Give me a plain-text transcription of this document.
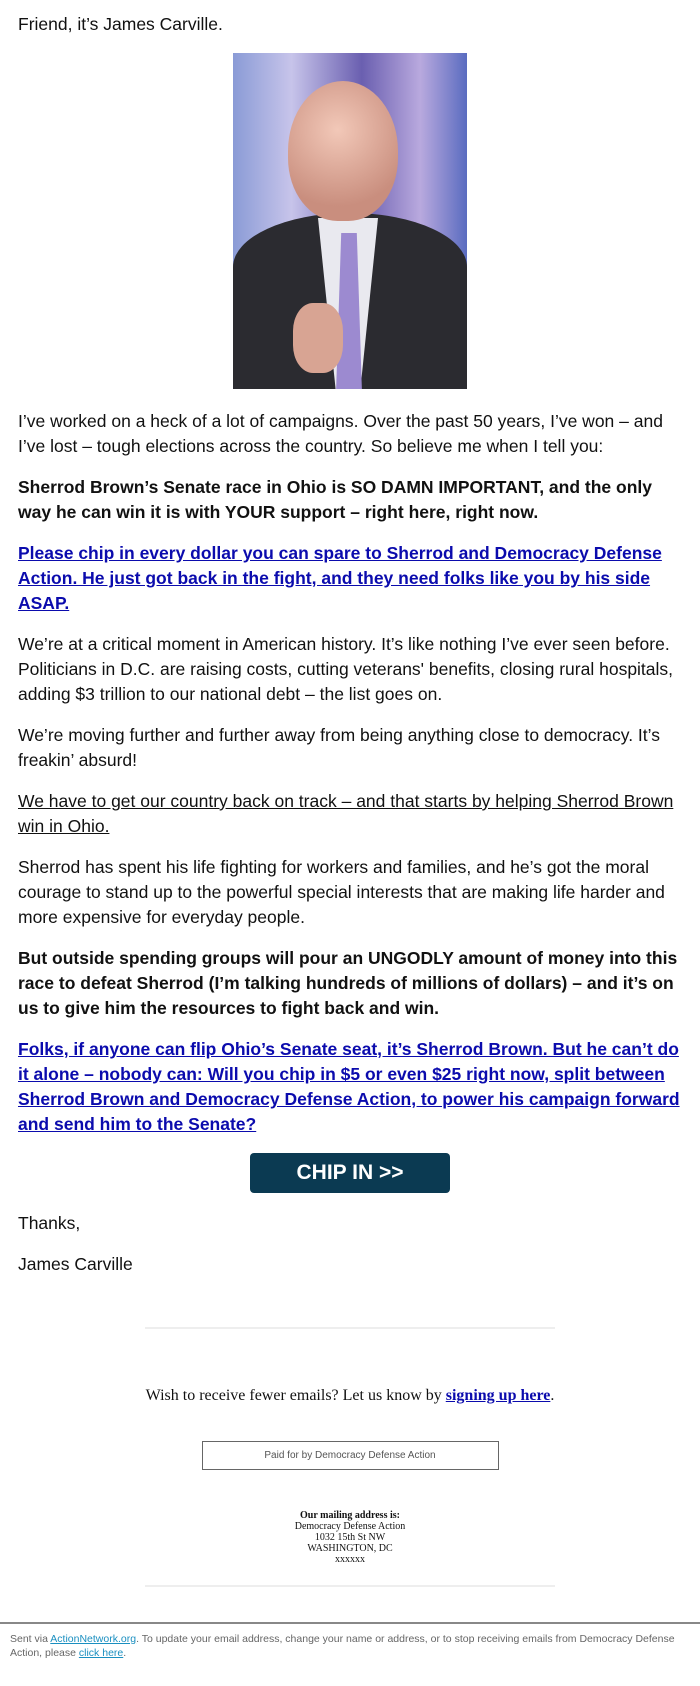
Friend, it’s James Carville.

I’ve worked on a heck of a lot of campaigns. Over the past 50 years, I’ve won – and I’ve lost – tough elections across the country. So believe me when I tell you:

Sherrod Brown’s Senate race in Ohio is SO DAMN IMPORTANT, and the only way he can win it is with YOUR support – right here, right now.

Please chip in every dollar you can spare to Sherrod and Democracy Defense Action. He just got back in the fight, and they need folks like you by his side ASAP.

We’re at a critical moment in American history. It’s like nothing I’ve ever seen before. Politicians in D.C. are raising costs, cutting veterans' benefits, closing rural hospitals, adding $3 trillion to our national debt – the list goes on.

We’re moving further and further away from being anything close to democracy. It’s freakin’ absurd!

We have to get our country back on track – and that starts by helping Sherrod Brown win in Ohio.

Sherrod has spent his life fighting for workers and families, and he’s got the moral courage to stand up to the powerful special interests that are making life harder and more expensive for everyday people.

But outside spending groups will pour an UNGODLY amount of money into this race to defeat Sherrod (I’m talking hundreds of millions of dollars) – and it’s on us to give him the resources to fight back and win.

Folks, if anyone can flip Ohio’s Senate seat, it’s Sherrod Brown. But he can’t do it alone – nobody can: Will you chip in $5 or even $25 right now, split between Sherrod Brown and Democracy Defense Action, to power his campaign forward and send him to the Senate?

CHIP IN >>

Thanks,

James Carville

Wish to receive fewer emails? Let us know by signing up here.

Paid for by Democracy Defense Action
Our mailing address is:
Democracy Defense Action
1032 15th St NW
WASHINGTON, DC
xxxxxx
Sent via ActionNetwork.org. To update your email address, change your name or address, or to stop receiving emails from Democracy Defense Action, please click here.
